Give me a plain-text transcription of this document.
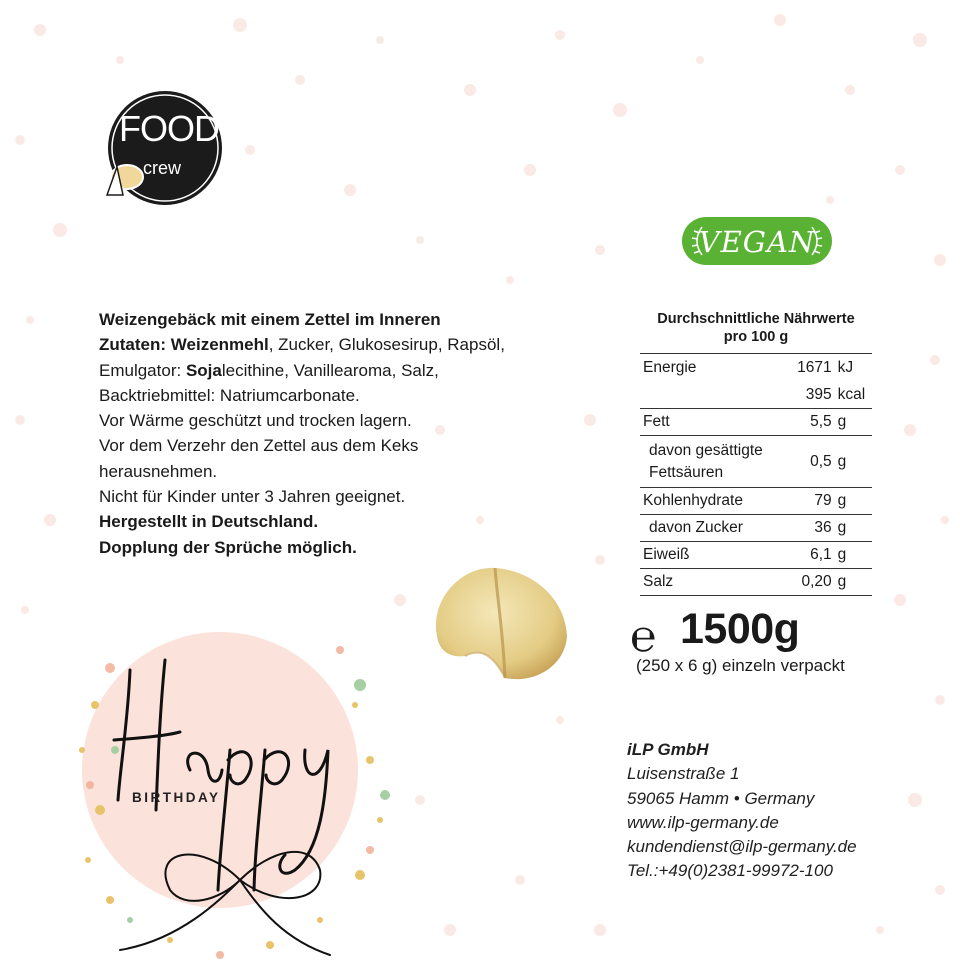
FOOD
crew
VEGAN
Weizengebäck mit einem Zettel im Inneren
Zutaten: Weizenmehl, Zucker, Glukosesirup, Rapsöl,
Emulgator: Sojalecithine, Vanillearoma, Salz,
Backtriebmittel: Natriumcarbonate.
Vor Wärme geschützt und trocken lagern.
Vor dem Verzehr den Zettel aus dem Keks
herausnehmen.
Nicht für Kinder unter 3 Jahren geeignet.
Hergestellt in Deutschland.
Dopplung der Sprüche möglich.
Durchschnittliche Nährwerte
pro 100 g
Energie	1671	kJ
	395	kcal
Fett	5,5	g

davon gesättigte
Fettsäuren	0,5	g
Kohlenhydrate	79	g
davon Zucker	36	g
Eiweiß	6,1	g
Salz	0,20	g
℮ 1500g
(250 x 6 g) einzeln verpackt
BIRTHDAY
iLP GmbH
Luisenstraße 1
59065 Hamm • Germany
www.ilp-germany.de
kundendienst@ilp-germany.de
Tel.:+49(0)2381-99972-100
